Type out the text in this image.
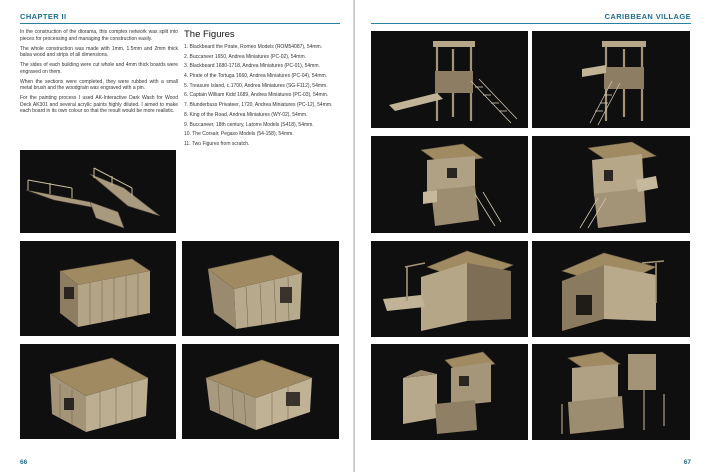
CHAPTER II

In the construction of the diorama, this complex network was split into pieces for processing and managing the construction easily.

The whole construction was made with 1mm, 1.5mm and 2mm thick balsa wood and strips of all dimensions.

The sides of each building were cut whole and 4mm thick boards were engraved on them.

When the sections were completed, they were rubbed with a small metal brush and the woodgrain was engraved with a pin.

For the painting process I used AK-Interactive Dark Wash for Wood Deck AK301 and several acrylic paints highly diluted. I aimed to make each board in its own colour so that the result would be more realistic.

The Figures
1. Blackbeard the Pirate, Romeo Models (ROM54087), 54mm.
2. Buccaneer 1650, Andrea Miniatures (PC-02), 54mm.
3. Blackbeard 1680-1718, Andrea Miniatures (PC-01), 54mm.
4. Pirate of the Tortuga 1660, Andrea Miniatures (PC-04), 54mm.
5. Treasure Island, c.1700, Andrea Miniatures (SG-F112), 54mm.
6. Captain William Kidd 1689, Andrea Miniatures (PC-03), 54mm.
7. Blunderbuss Privateer, 1720, Andrea Miniatures (PC-12), 54mm.
8. King of the Road, Andrea Miniatures (WY-02), 54mm.
9. Buccaneer, 18th century, Latorre Models (S418), 54mm.
10. The Corsair, Pegaso Models (54-158), 54mm.
11. Two Figures from scratch.
66
CARIBBEAN VILLAGE
67
